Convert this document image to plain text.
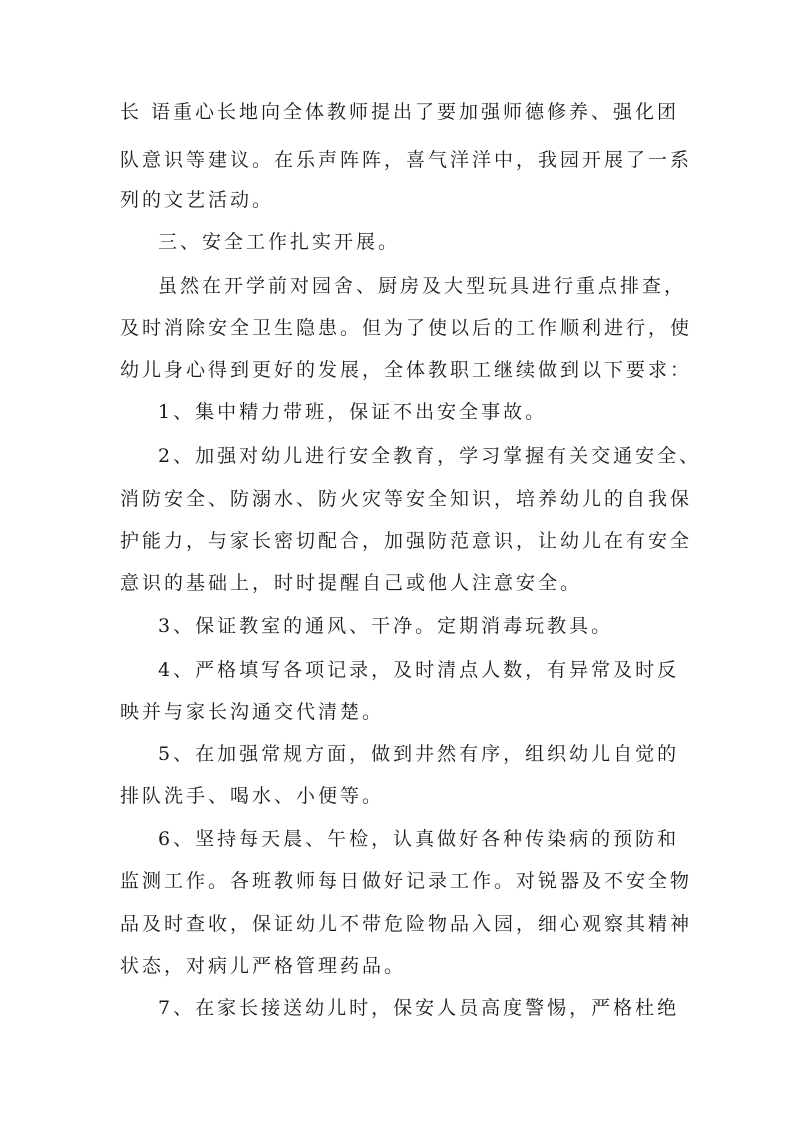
长 语重心长地向全体教师提出了要加强师德修养、强化团
队意识等建议。在乐声阵阵，喜气洋洋中，我园开展了一系
列的文艺活动。
三、安全工作扎实开展。
虽然在开学前对园舍、厨房及大型玩具进行重点排查，
及时消除安全卫生隐患。但为了使以后的工作顺利进行，使
幼儿身心得到更好的发展，全体教职工继续做到以下要求：
1、集中精力带班，保证不出安全事故。
2、加强对幼儿进行安全教育，学习掌握有关交通安全、
消防安全、防溺水、防火灾等安全知识，培养幼儿的自我保
护能力，与家长密切配合，加强防范意识，让幼儿在有安全
意识的基础上，时时提醒自己或他人注意安全。
3、保证教室的通风、干净。定期消毒玩教具。
4、严格填写各项记录，及时清点人数，有异常及时反
映并与家长沟通交代清楚。
5、在加强常规方面，做到井然有序，组织幼儿自觉的
排队洗手、喝水、小便等。
6、坚持每天晨、午检，认真做好各种传染病的预防和
监测工作。各班教师每日做好记录工作。对锐器及不安全物
品及时查收，保证幼儿不带危险物品入园，细心观察其精神
状态，对病儿严格管理药品。
7、在家长接送幼儿时，保安人员高度警惕，严格杜绝
